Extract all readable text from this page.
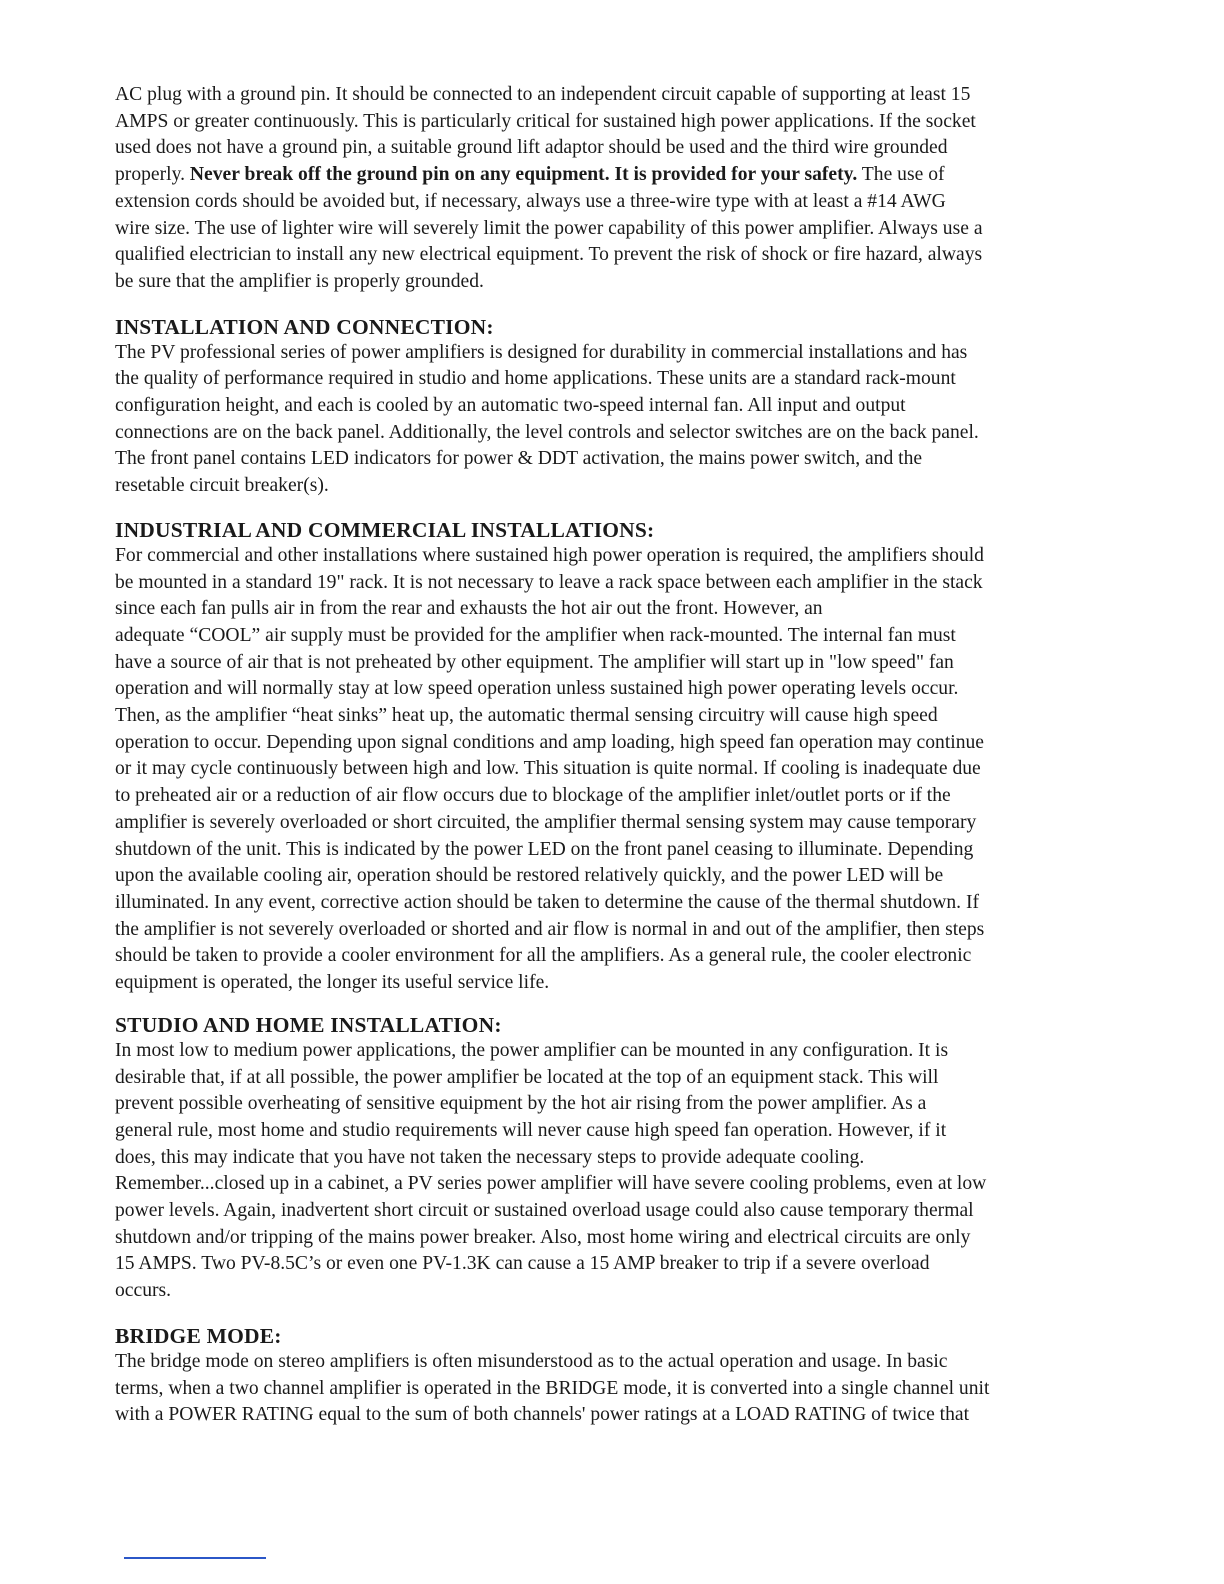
AC plug with a ground pin. It should be connected to an independent circuit capable of supporting at least 15
AMPS or greater continuously. This is particularly critical for sustained high power applications. If the socket
used does not have a ground pin, a suitable ground lift adaptor should be used and the third wire grounded
properly. Never break off the ground pin on any equipment. It is provided for your safety. The use of
extension cords should be avoided but, if necessary, always use a three-wire type with at least a #14 AWG
wire size. The use of lighter wire will severely limit the power capability of this power amplifier. Always use a
qualified electrician to install any new electrical equipment. To prevent the risk of shock or fire hazard, always
be sure that the amplifier is properly grounded.

INSTALLATION AND CONNECTION:

The PV professional series of power amplifiers is designed for durability in commercial installations and has
the quality of performance required in studio and home applications. These units are a standard rack-mount
configuration height, and each is cooled by an automatic two-speed internal fan. All input and output
connections are on the back panel. Additionally, the level controls and selector switches are on the back panel.
The front panel contains LED indicators for power & DDT activation, the mains power switch, and the
resetable circuit breaker(s).

INDUSTRIAL AND COMMERCIAL INSTALLATIONS:

For commercial and other installations where sustained high power operation is required, the amplifiers should
be mounted in a standard 19" rack. It is not necessary to leave a rack space between each amplifier in the stack
since each fan pulls air in from the rear and exhausts the hot air out the front. However, an
adequate “COOL” air supply must be provided for the amplifier when rack-mounted. The internal fan must
have a source of air that is not preheated by other equipment. The amplifier will start up in "low speed" fan
operation and will normally stay at low speed operation unless sustained high power operating levels occur.
Then, as the amplifier “heat sinks” heat up, the automatic thermal sensing circuitry will cause high speed
operation to occur. Depending upon signal conditions and amp loading, high speed fan operation may continue
or it may cycle continuously between high and low. This situation is quite normal. If cooling is inadequate due
to preheated air or a reduction of air flow occurs due to blockage of the amplifier inlet/outlet ports or if the
amplifier is severely overloaded or short circuited, the amplifier thermal sensing system may cause temporary
shutdown of the unit. This is indicated by the power LED on the front panel ceasing to illuminate. Depending
upon the available cooling air, operation should be restored relatively quickly, and the power LED will be
illuminated. In any event, corrective action should be taken to determine the cause of the thermal shutdown. If
the amplifier is not severely overloaded or shorted and air flow is normal in and out of the amplifier, then steps
should be taken to provide a cooler environment for all the amplifiers. As a general rule, the cooler electronic
equipment is operated, the longer its useful service life.

STUDIO AND HOME INSTALLATION:

In most low to medium power applications, the power amplifier can be mounted in any configuration. It is
desirable that, if at all possible, the power amplifier be located at the top of an equipment stack. This will
prevent possible overheating of sensitive equipment by the hot air rising from the power amplifier. As a
general rule, most home and studio requirements will never cause high speed fan operation. However, if it
does, this may indicate that you have not taken the necessary steps to provide adequate cooling.
Remember...closed up in a cabinet, a PV series power amplifier will have severe cooling problems, even at low
power levels. Again, inadvertent short circuit or sustained overload usage could also cause temporary thermal
shutdown and/or tripping of the mains power breaker. Also, most home wiring and electrical circuits are only
15 AMPS. Two PV-8.5C’s or even one PV-1.3K can cause a 15 AMP breaker to trip if a severe overload
occurs.

BRIDGE MODE:

The bridge mode on stereo amplifiers is often misunderstood as to the actual operation and usage. In basic
terms, when a two channel amplifier is operated in the BRIDGE mode, it is converted into a single channel unit
with a POWER RATING equal to the sum of both channels' power ratings at a LOAD RATING of twice that
